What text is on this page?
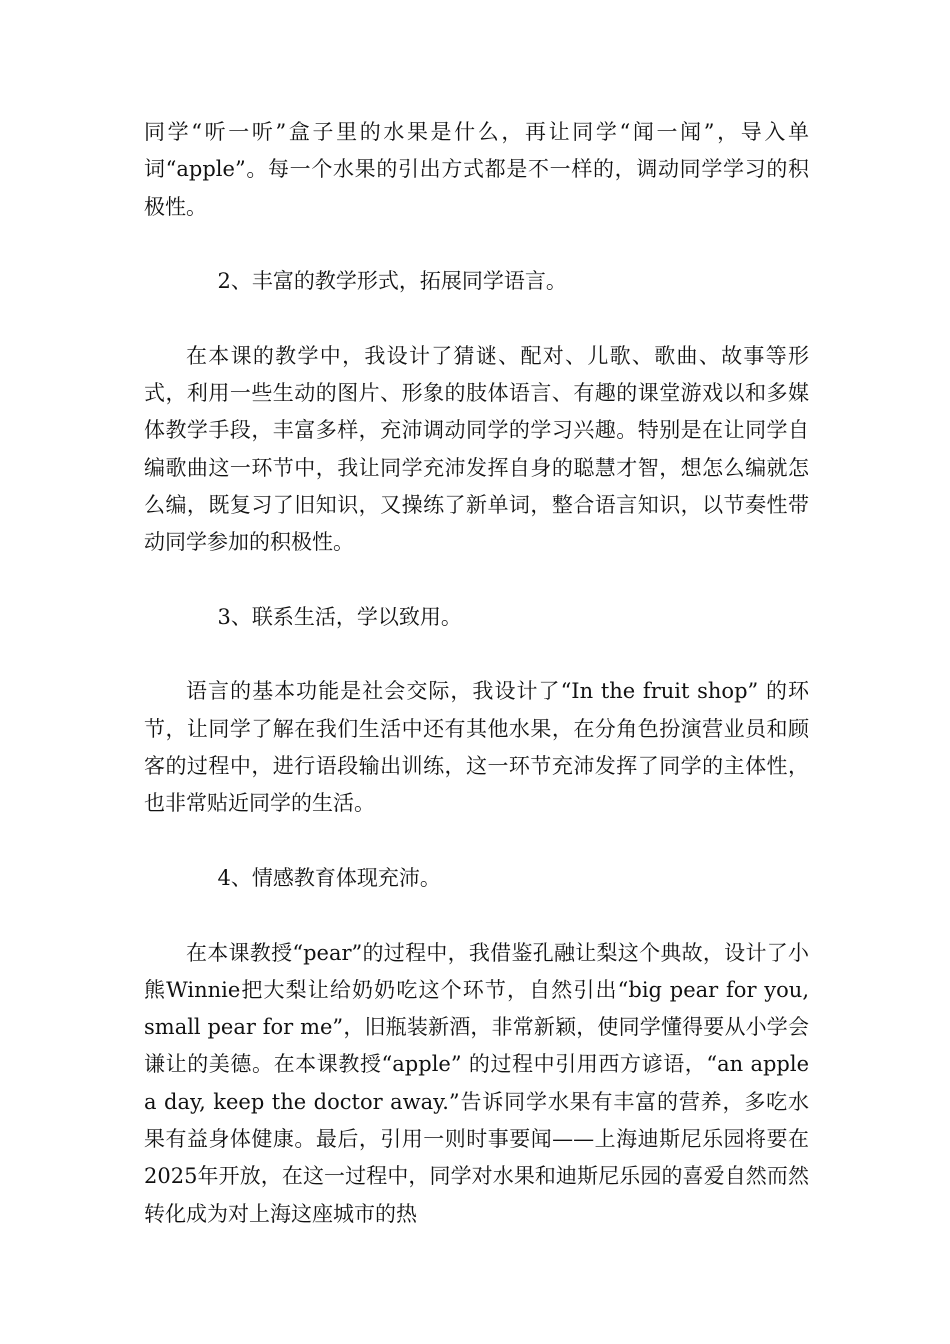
同学“听一听”盒子里的水果是什么，再让同学“闻一闻”，导入单词“apple”。每一个水果的引出方式都是不一样的，调动同学学习的积极性。

2、丰富的教学形式，拓展同学语言。

在本课的教学中，我设计了猜谜、配对、儿歌、歌曲、故事等形式，利用一些生动的图片、形象的肢体语言、有趣的课堂游戏以和多媒体教学手段，丰富多样，充沛调动同学的学习兴趣。特别是在让同学自编歌曲这一环节中，我让同学充沛发挥自身的聪慧才智，想怎么编就怎么编，既复习了旧知识，又操练了新单词，整合语言知识，以节奏性带动同学参加的积极性。

3、联系生活，学以致用。

语言的基本功能是社会交际，我设计了“In the fruit shop” 的环节，让同学了解在我们生活中还有其他水果，在分角色扮演营业员和顾客的过程中，进行语段输出训练，这一环节充沛发挥了同学的主体性，也非常贴近同学的生活。

4、情感教育体现充沛。

在本课教授“pear”的过程中，我借鉴孔融让梨这个典故，设计了小熊Winnie把大梨让给奶奶吃这个环节，自然引出“big pear for you, small pear for me”，旧瓶装新酒，非常新颖，使同学懂得要从小学会谦让的美德。在本课教授“apple” 的过程中引用西方谚语，“an apple a day, keep the doctor away.”告诉同学水果有丰富的营养，多吃水果有益身体健康。最后，引用一则时事要闻——上海迪斯尼乐园将要在2025年开放，在这一过程中，同学对水果和迪斯尼乐园的喜爱自然而然转化成为对上海这座城市的热
